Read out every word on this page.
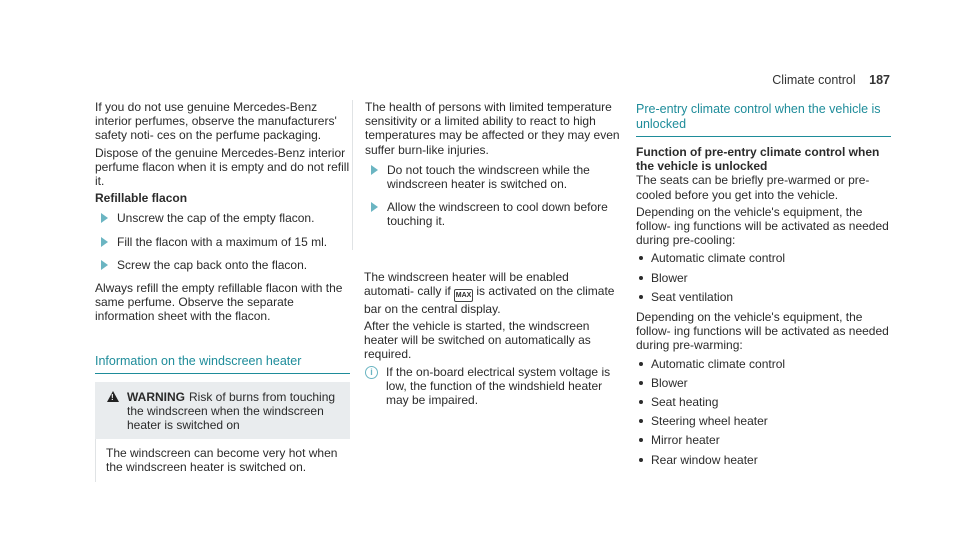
Climate control 187

If you do not use genuine Mercedes-Benz interior perfumes, observe the manufacturers' safety noti- ces on the perfume packaging.

Dispose of the genuine Mercedes-Benz interior perfume flacon when it is empty and do not refill it.

Refillable flacon
Unscrew the cap of the empty flacon.
Fill the flacon with a maximum of 15 ml.
Screw the cap back onto the flacon.

Always refill the empty refillable flacon with the same perfume. Observe the separate information sheet with the flacon.

Information on the windscreen heater
!
WARNING Risk of burns from touching the windscreen when the windscreen heater is switched on
The windscreen can become very hot when the windscreen heater is switched on.

The health of persons with limited temperature sensitivity or a limited ability to react to high temperatures may be affected or they may even suffer burn-like injuries.

Do not touch the windscreen while the windscreen heater is switched on.
Allow the windscreen to cool down before touching it.

The windscreen heater will be enabled automati- cally if MAX is activated on the climate bar on the central display.

After the vehicle is started, the windscreen heater will be switched on automatically as required.

i	If the on-board electrical system voltage is low, the function of the windshield heater may be impaired.
Pre-entry climate control when the vehicle is unlocked
Function of pre-entry climate control when the vehicle is unlocked

The seats can be briefly pre-warmed or pre- cooled before you get into the vehicle.

Depending on the vehicle's equipment, the follow- ing functions will be activated as needed during pre-cooling:

Automatic climate control
Blower
Seat ventilation

Depending on the vehicle's equipment, the follow- ing functions will be activated as needed during pre-warming:

Automatic climate control
Blower
Seat heating
Steering wheel heater
Mirror heater
Rear window heater
